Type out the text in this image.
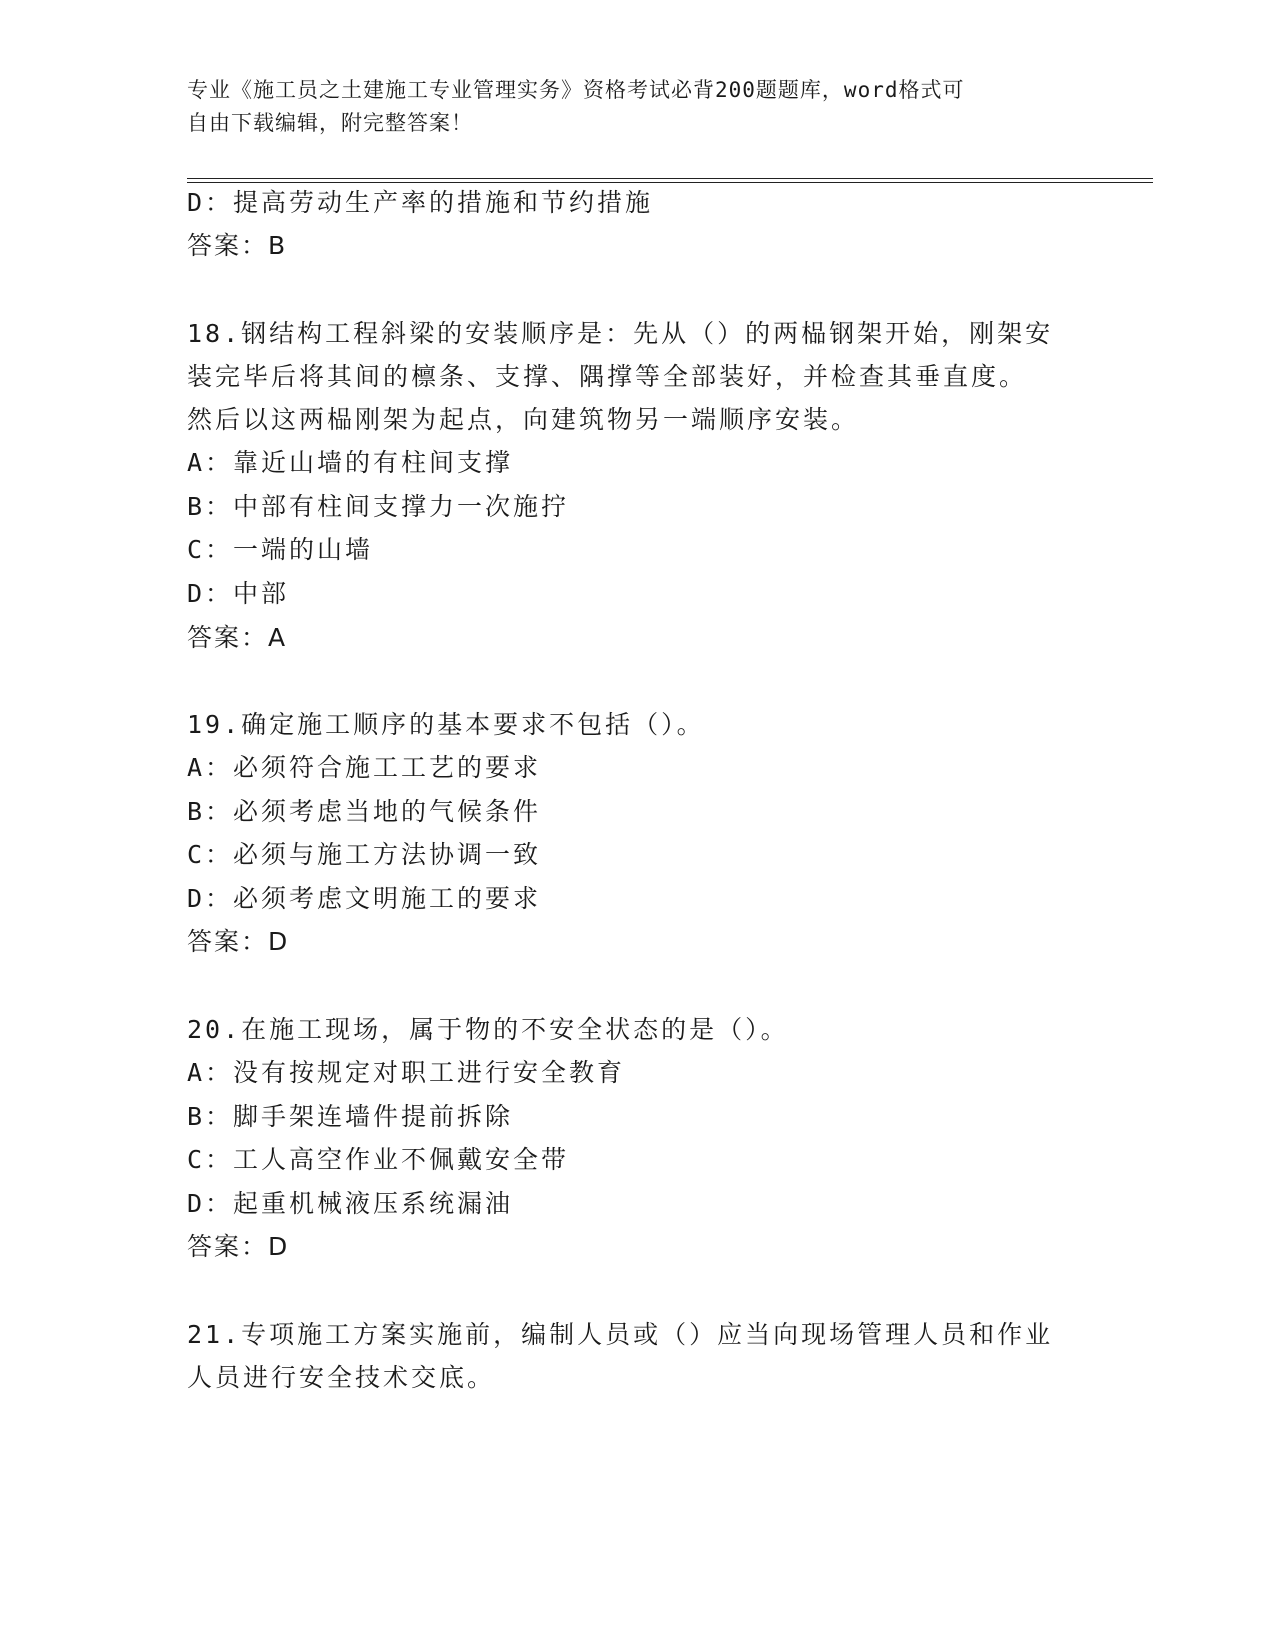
专业《施工员之土建施工专业管理实务》资格考试必背200题题库，word格式可
自由下载编辑，附完整答案！
D：提高劳动生产率的措施和节约措施
答案：B
18.钢结构工程斜梁的安装顺序是：先从（）的两榀钢架开始，刚架安
装完毕后将其间的檩条、支撑、隅撑等全部装好，并检查其垂直度。
然后以这两榀刚架为起点，向建筑物另一端顺序安装。
A：靠近山墙的有柱间支撑
B：中部有柱间支撑力一次施拧
C：一端的山墙
D：中部
答案：A
19.确定施工顺序的基本要求不包括（）。
A：必须符合施工工艺的要求
B：必须考虑当地的气候条件
C：必须与施工方法协调一致
D：必须考虑文明施工的要求
答案：D
20.在施工现场，属于物的不安全状态的是（）。
A：没有按规定对职工进行安全教育
B：脚手架连墙件提前拆除
C：工人高空作业不佩戴安全带
D：起重机械液压系统漏油
答案：D
21.专项施工方案实施前，编制人员或（）应当向现场管理人员和作业
人员进行安全技术交底。
